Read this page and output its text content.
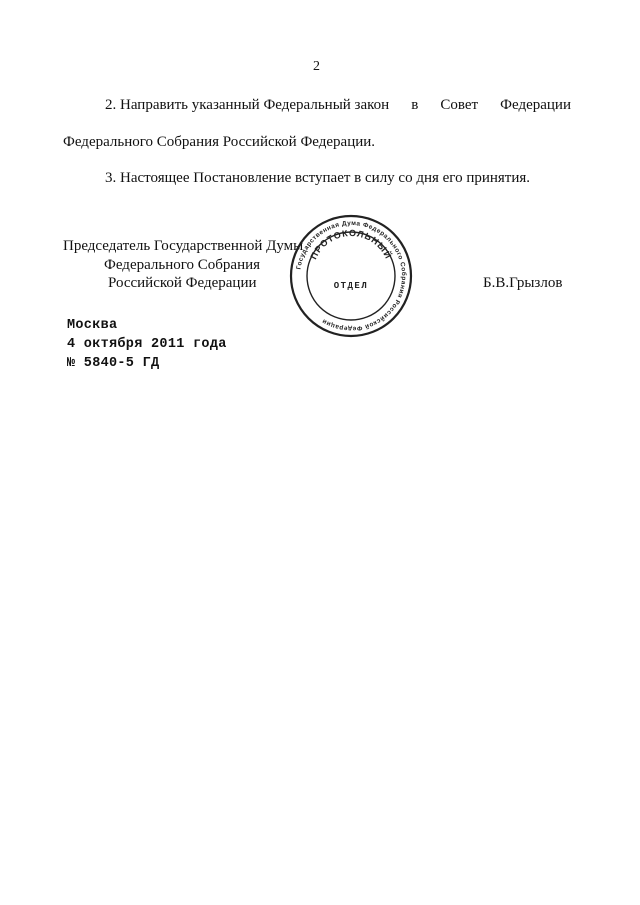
2
2. Направить указанный Федеральный закон в Совет Федерации
Федерального Собрания Российской Федерации.
3. Настоящее Постановление вступает в силу со дня его принятия.
Председатель Государственной Думы
Федерального Собрания
Российской Федерации	Б.В.Грызлов
Государственная Дума Федерального Собрания Российской Федерации
ПРОТОКОЛЬНЫЙ
ОТДЕЛ
Москва
4 октября 2011 года
№ 5840-5 ГД
